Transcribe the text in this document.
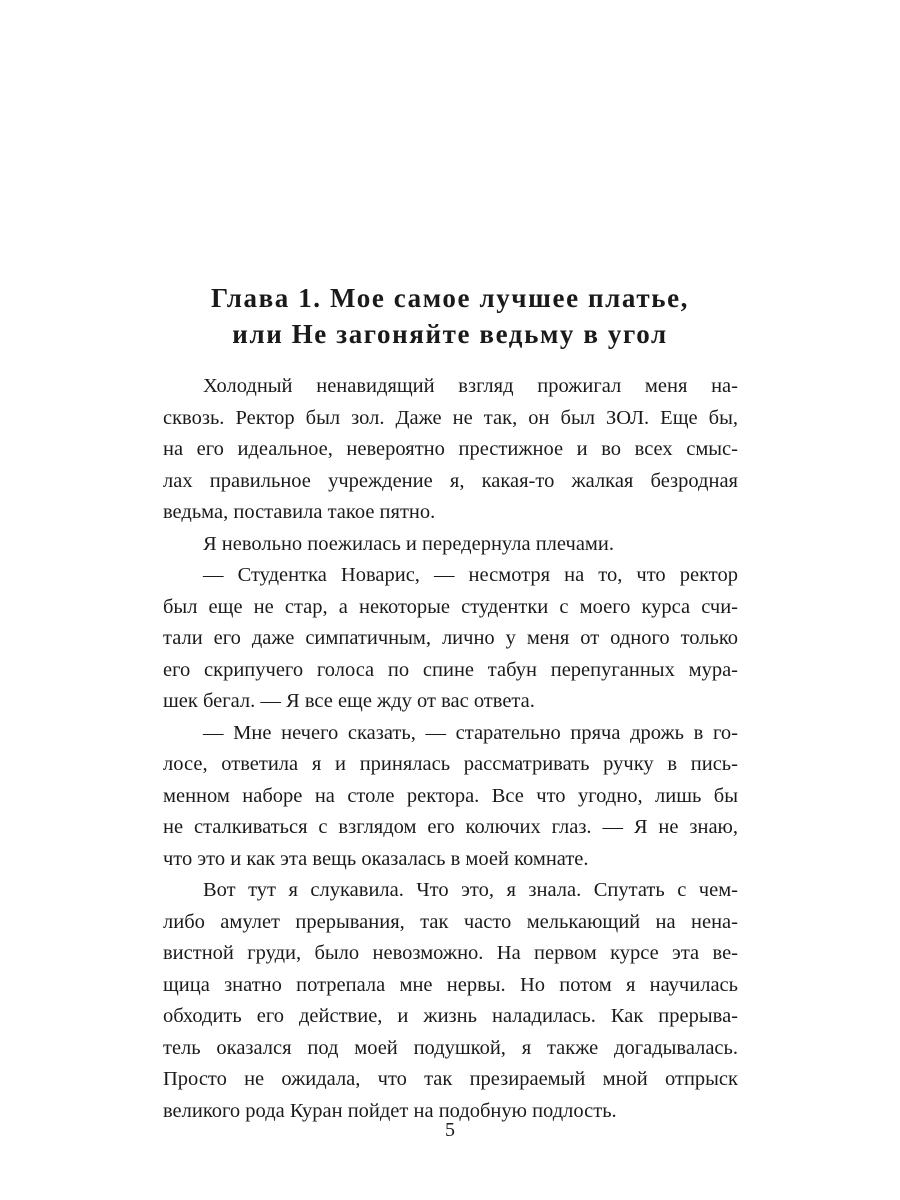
Глава 1. Мое самое лучшее платье,
или Не загоняйте ведьму в угол
Холодный ненавидящий взгляд прожигал меня на-
сквозь. Ректор был зол. Даже не так, он был ЗОЛ. Еще бы,
на его идеальное, невероятно престижное и во всех смыс-
лах правильное учреждение я, какая-то жалкая безродная
ведьма, поставила такое пятно.
Я невольно поежилась и передернула плечами.
— Студентка Новарис, — несмотря на то, что ректор
был еще не стар, а некоторые студентки с моего курса счи-
тали его даже симпатичным, лично у меня от одного только
его скрипучего голоса по спине табун перепуганных мура-
шек бегал. — Я все еще жду от вас ответа.
— Мне нечего сказать, — старательно пряча дрожь в го-
лосе, ответила я и принялась рассматривать ручку в пись-
менном наборе на столе ректора. Все что угодно, лишь бы
не сталкиваться с взглядом его колючих глаз. — Я не знаю,
что это и как эта вещь оказалась в моей комнате.
Вот тут я слукавила. Что это, я знала. Спутать с чем-
либо амулет прерывания, так часто мелькающий на нена-
вистной груди, было невозможно. На первом курсе эта ве-
щица знатно потрепала мне нервы. Но потом я научилась
обходить его действие, и жизнь наладилась. Как прерыва-
тель оказался под моей подушкой, я также догадывалась.
Просто не ожидала, что так презираемый мной отпрыск
великого рода Куран пойдет на подобную подлость.
5
